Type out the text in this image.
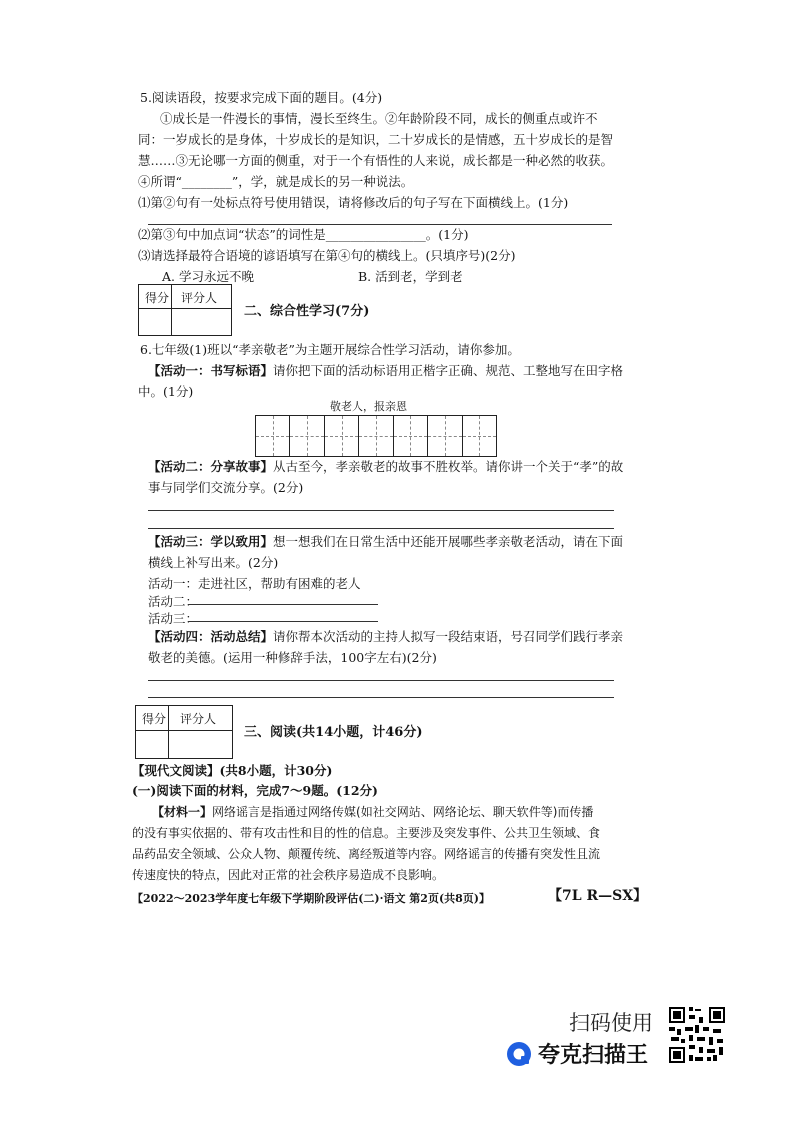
5.阅读语段，按要求完成下面的题目。(4分)
①成长是一件漫长的事情，漫长至终生。②年龄阶段不同，成长的侧重点或许不
同：一岁成长的是身体，十岁成长的是知识，二十岁成长的是情感，五十岁成长的是智
慧……③无论哪一方面的侧重，对于一个有悟性的人来说，成长都是一种必然的收获。
④所谓“________”，学，就是成长的另一种说法。
⑴第②句有一处标点符号使用错误，请将修改后的句子写在下面横线上。(1分)
⑵第③句中加点词“状态”的词性是________________。(1分)
⑶请选择最符合语境的谚语填写在第④句的横线上。(只填序号)(2分)
A. 学习永远不晚	B. 活到老，学到老
得分 评分人
二、综合性学习(7分)
6.七年级(1)班以“孝亲敬老”为主题开展综合性学习活动，请你参加。
【活动一：书写标语】请你把下面的活动标语用正楷字正确、规范、工整地写在田字格
中。(1分)
敬老人，报亲恩
【活动二：分享故事】从古至今，孝亲敬老的故事不胜枚举。请你讲一个关于“孝”的故
事与同学们交流分享。(2分)
【活动三：学以致用】想一想我们在日常生活中还能开展哪些孝亲敬老活动，请在下面
横线上补写出来。(2分)
活动一：走进社区，帮助有困难的老人
活动二：
活动三：
【活动四：活动总结】请你帮本次活动的主持人拟写一段结束语，号召同学们践行孝亲
敬老的美德。(运用一种修辞手法，100字左右)(2分)
得分 评分人
三、阅读(共14小题，计46分)
【现代文阅读】(共8小题，计30分)
(一)阅读下面的材料，完成7～9题。(12分)
【材料一】网络谣言是指通过网络传媒(如社交网站、网络论坛、聊天软件等)而传播
的没有事实依据的、带有攻击性和目的性的信息。主要涉及突发事件、公共卫生领域、食
品药品安全领域、公众人物、颠覆传统、离经叛道等内容。网络谣言的传播有突发性且流
传速度快的特点，因此对正常的社会秩序易造成不良影响。
【2022～2023学年度七年级下学期阶段评估(二)·语文 第2页(共8页)】	【7L R—SX】
扫码使用
夸克扫描王
